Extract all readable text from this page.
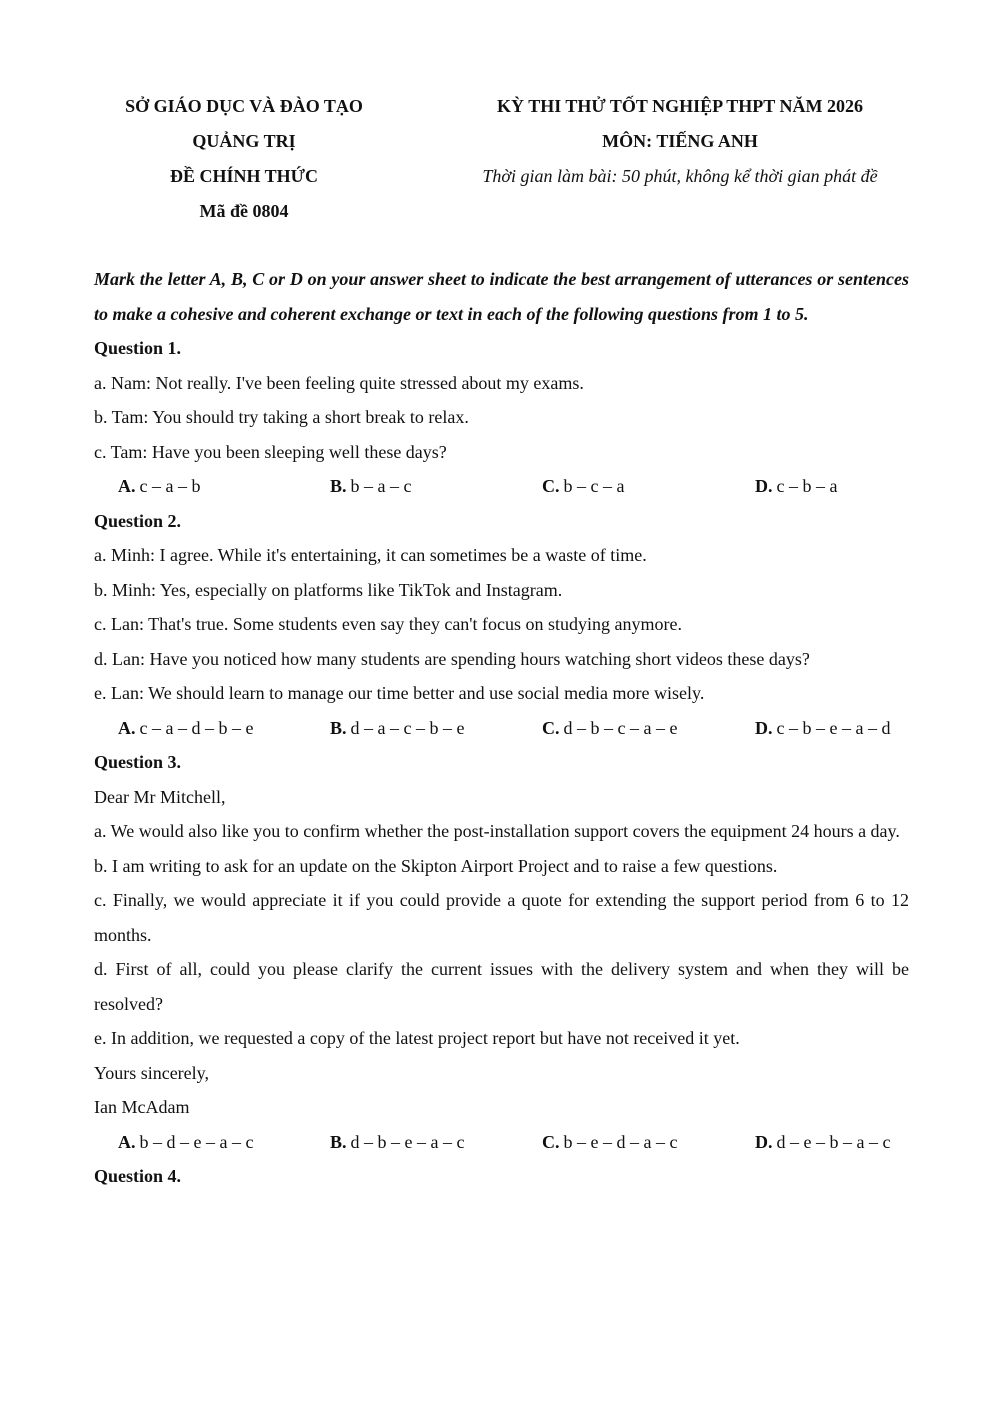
SỞ GIÁO DỤC VÀ ĐÀO TẠO
QUẢNG TRỊ
ĐỀ CHÍNH THỨC
Mã đề 0804
KỲ THI THỬ TỐT NGHIỆP THPT NĂM 2026
MÔN: TIẾNG ANH
Thời gian làm bài: 50 phút, không kể thời gian phát đề
Mark the letter A, B, C or D on your answer sheet to indicate the best arrangement of utterances or sentences to make a cohesive and coherent exchange or text in each of the following questions from 1 to 5.
Question 1.
a. Nam: Not really. I've been feeling quite stressed about my exams.
b. Tam: You should try taking a short break to relax.
c. Tam: Have you been sleeping well these days?
A. c – a – b	B. b – a – c	C. b – c – a	D. c – b – a
Question 2.
a. Minh: I agree. While it's entertaining, it can sometimes be a waste of time.
b. Minh: Yes, especially on platforms like TikTok and Instagram.
c. Lan: That's true. Some students even say they can't focus on studying anymore.
d. Lan: Have you noticed how many students are spending hours watching short videos these days?
e. Lan: We should learn to manage our time better and use social media more wisely.
A. c – a – d – b – e	B. d – a – c – b – e	C. d – b – c – a – e	D. c – b – e – a – d
Question 3.
Dear Mr Mitchell,
a. We would also like you to confirm whether the post-installation support covers the equipment 24 hours a day.
b. I am writing to ask for an update on the Skipton Airport Project and to raise a few questions.
c. Finally, we would appreciate it if you could provide a quote for extending the support period from 6 to 12 months.
d. First of all, could you please clarify the current issues with the delivery system and when they will be resolved?
e. In addition, we requested a copy of the latest project report but have not received it yet.
Yours sincerely,
Ian McAdam
A. b – d – e – a – c	B. d – b – e – a – c	C. b – e – d – a – c	D. d – e – b – a – c
Question 4.
